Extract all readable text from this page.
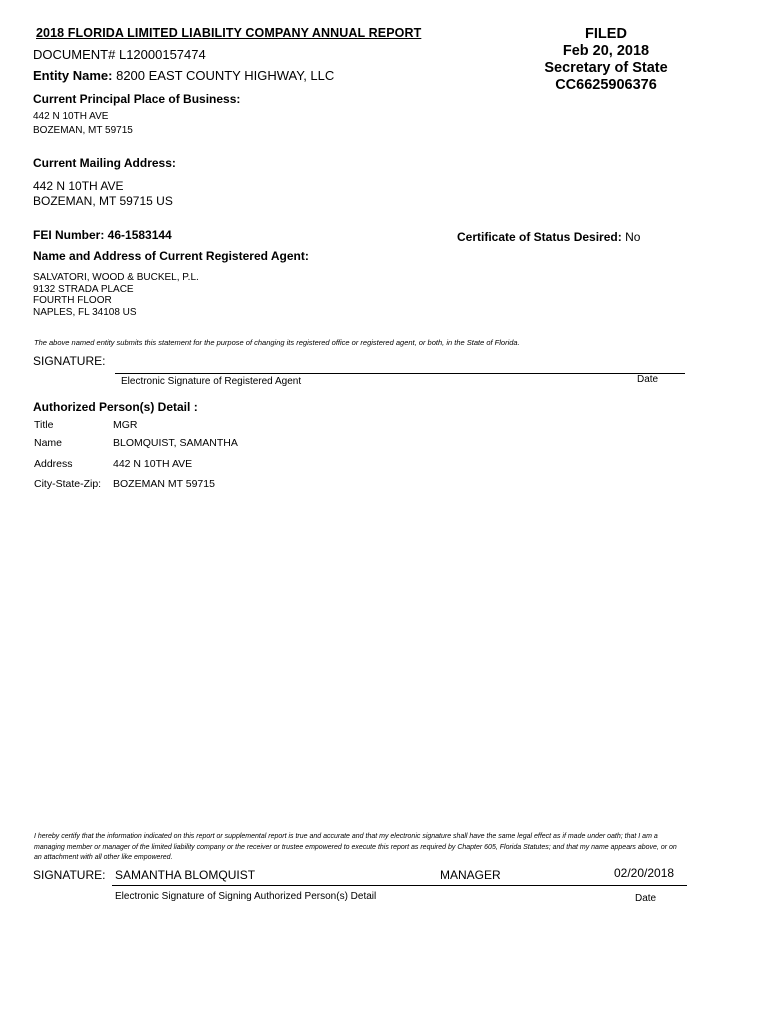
2018 FLORIDA LIMITED LIABILITY COMPANY ANNUAL REPORT	FILED
Feb 20, 2018
Secretary of State
CC6625906376
DOCUMENT# L12000157474
Entity Name: 8200 EAST COUNTY HIGHWAY, LLC
Current Principal Place of Business:
442 N 10TH AVE
BOZEMAN, MT 59715
Current Mailing Address:
442 N 10TH AVE
BOZEMAN, MT 59715 US
FEI Number: 46-1583144	Certificate of Status Desired: No
Name and Address of Current Registered Agent:
SALVATORI, WOOD & BUCKEL, P.L.
9132 STRADA PLACE
FOURTH FLOOR
NAPLES, FL 34108 US
The above named entity submits this statement for the purpose of changing its registered office or registered agent, or both, in the State of Florida.
SIGNATURE:
Electronic Signature of Registered Agent	Date
Authorized Person(s) Detail :
Title	MGR
Name	BLOMQUIST, SAMANTHA
Address	442 N 10TH AVE
City-State-Zip: BOZEMAN MT 59715
I hereby certify that the information indicated on this report or supplemental report is true and accurate and that my electronic signature shall have the same legal effect as if made under oath; that I am a managing member or manager of the limited liability company or the receiver or trustee empowered to execute this report as required by Chapter 605, Florida Statutes; and that my name appears above, or on an attachment with all other like empowered.
SIGNATURE: SAMANTHA BLOMQUIST	MANAGER	02/20/2018
Electronic Signature of Signing Authorized Person(s) Detail	Date
